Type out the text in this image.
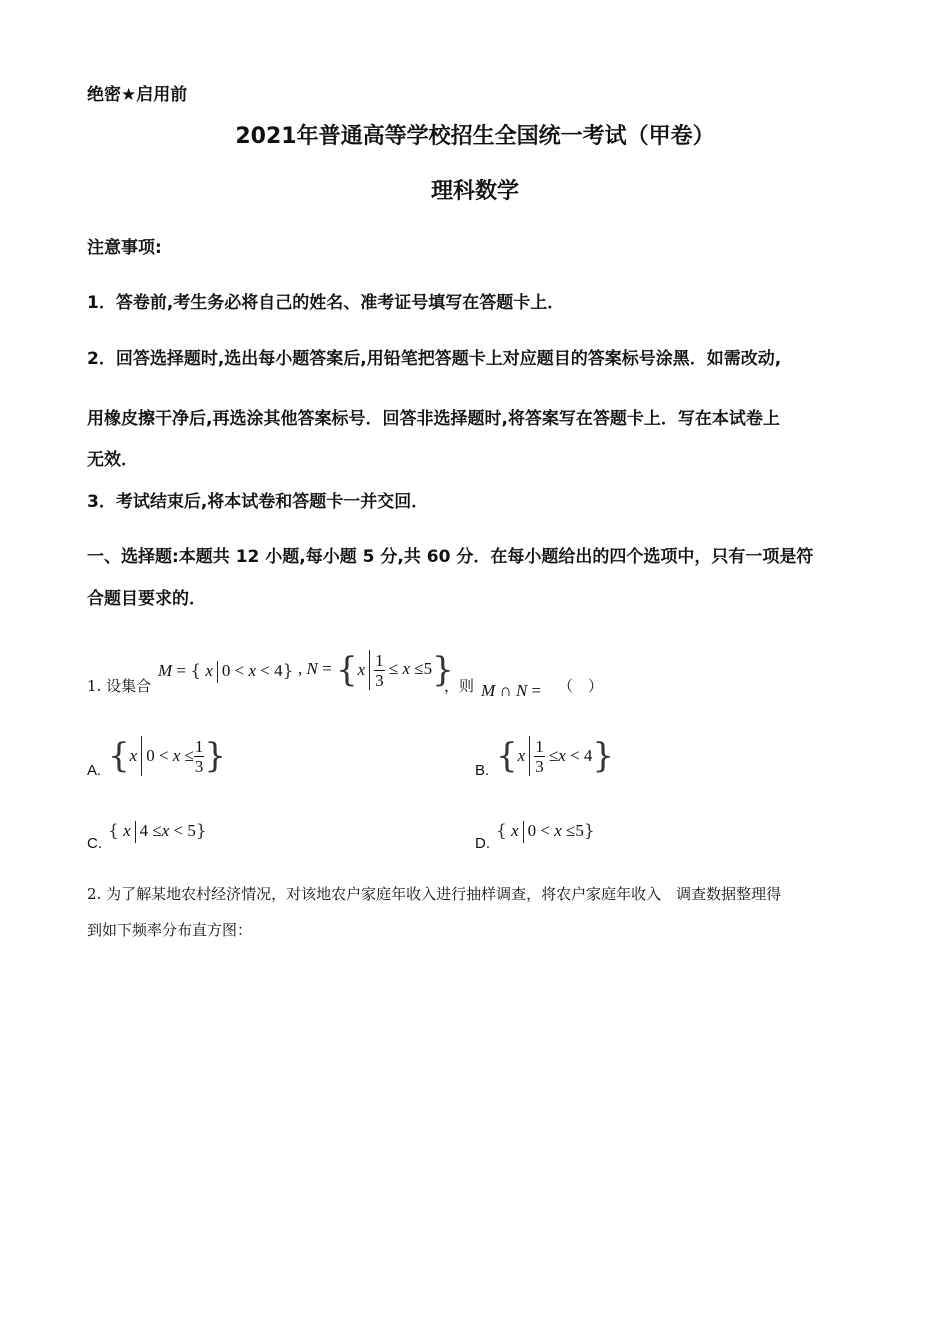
绝密★启用前
2021年普通高等学校招生全国统一考试（甲卷）
理科数学
注意事项:
1．答卷前,考生务必将自己的姓名、准考证号填写在答题卡上．
2．回答选择题时,选出每小题答案后,用铅笔把答题卡上对应题目的答案标号涂黑．如需改动,
用橡皮擦干净后,再选涂其他答案标号．回答非选择题时,将答案写在答题卡上．写在本试卷上
无效．
3．考试结束后,将本试卷和答题卡一并交回．
一、选择题:本题共 12 小题,每小题 5 分,共 60 分．在每小题给出的四个选项中，只有一项是符
合题目要求的．
1. 设集合
M = { x 0 < x < 4} , $N = \{x \frac{1}{3} \le x \le 5\}$
，则 M ∩ N = （　）
A. {x $0 < x \le \frac{1}{3}$ }	B. $\{x \frac{1}{3} \le x < 4\}$
C.
{ x 4 ≤x < 5}
D.
{ x 0 < x ≤5}
2. 为了解某地农村经济情况，对该地农户家庭年收入进行抽样调查，将农户家庭年收入　调查数据整理得
到如下频率分布直方图：
